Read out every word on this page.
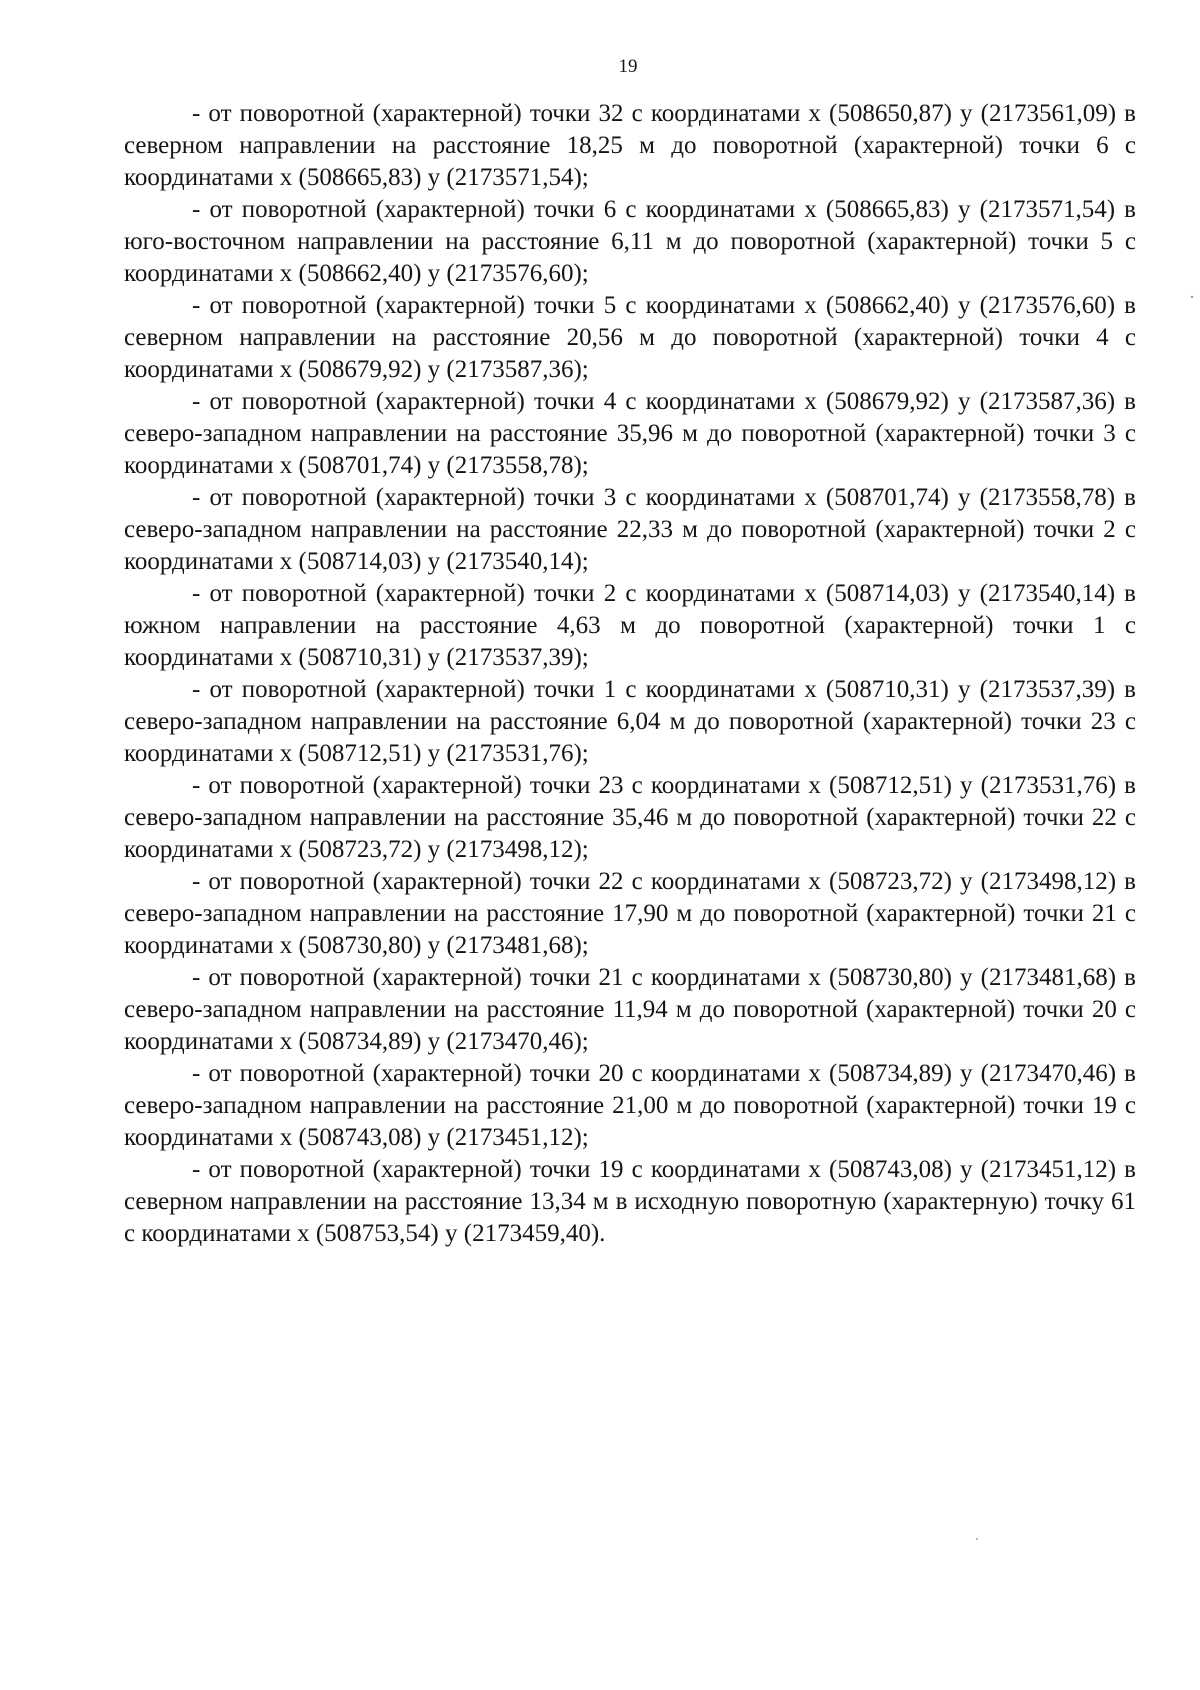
19

- от поворотной (характерной) точки 32 с координатами х (508650,87) у (2173561,09) в северном направлении на расстояние 18,25 м до поворотной (характерной) точки 6 с координатами х (508665,83) у (2173571,54);

- от поворотной (характерной) точки 6 с координатами х (508665,83) у (2173571,54) в юго-восточном направлении на расстояние 6,11 м до поворотной (характерной) точки 5 с координатами х (508662,40) у (2173576,60);

- от поворотной (характерной) точки 5 с координатами х (508662,40) у (2173576,60) в северном направлении на расстояние 20,56 м до поворотной (характерной) точки 4 с координатами х (508679,92) у (2173587,36);

- от поворотной (характерной) точки 4 с координатами х (508679,92) у (2173587,36) в северо-западном направлении на расстояние 35,96 м до поворотной (характерной) точки 3 с координатами х (508701,74) у (2173558,78);

- от поворотной (характерной) точки 3 с координатами х (508701,74) у (2173558,78) в северо-западном направлении на расстояние 22,33 м до поворотной (характерной) точки 2 с координатами х (508714,03) у (2173540,14);

- от поворотной (характерной) точки 2 с координатами х (508714,03) у (2173540,14) в южном направлении на расстояние 4,63 м до поворотной (характерной) точки 1 с координатами х (508710,31) у (2173537,39);

- от поворотной (характерной) точки 1 с координатами х (508710,31) у (2173537,39) в северо-западном направлении на расстояние 6,04 м до поворотной (характерной) точки 23 с координатами х (508712,51) у (2173531,76);

- от поворотной (характерной) точки 23 с координатами х (508712,51) у (2173531,76) в северо-западном направлении на расстояние 35,46 м до поворотной (характерной) точки 22 с координатами х (508723,72) у (2173498,12);

- от поворотной (характерной) точки 22 с координатами х (508723,72) у (2173498,12) в северо-западном направлении на расстояние 17,90 м до поворотной (характерной) точки 21 с координатами х (508730,80) у (2173481,68);

- от поворотной (характерной) точки 21 с координатами х (508730,80) у (2173481,68) в северо-западном направлении на расстояние 11,94 м до поворотной (характерной) точки 20 с координатами х (508734,89) у (2173470,46);

- от поворотной (характерной) точки 20 с координатами х (508734,89) у (2173470,46) в северо-западном направлении на расстояние 21,00 м до поворотной (характерной) точки 19 с координатами х (508743,08) у (2173451,12);

- от поворотной (характерной) точки 19 с координатами х (508743,08) у (2173451,12) в северном направлении на расстояние 13,34 м в исходную поворотную (характерную) точку 61 с координатами х (508753,54) у (2173459,40).
